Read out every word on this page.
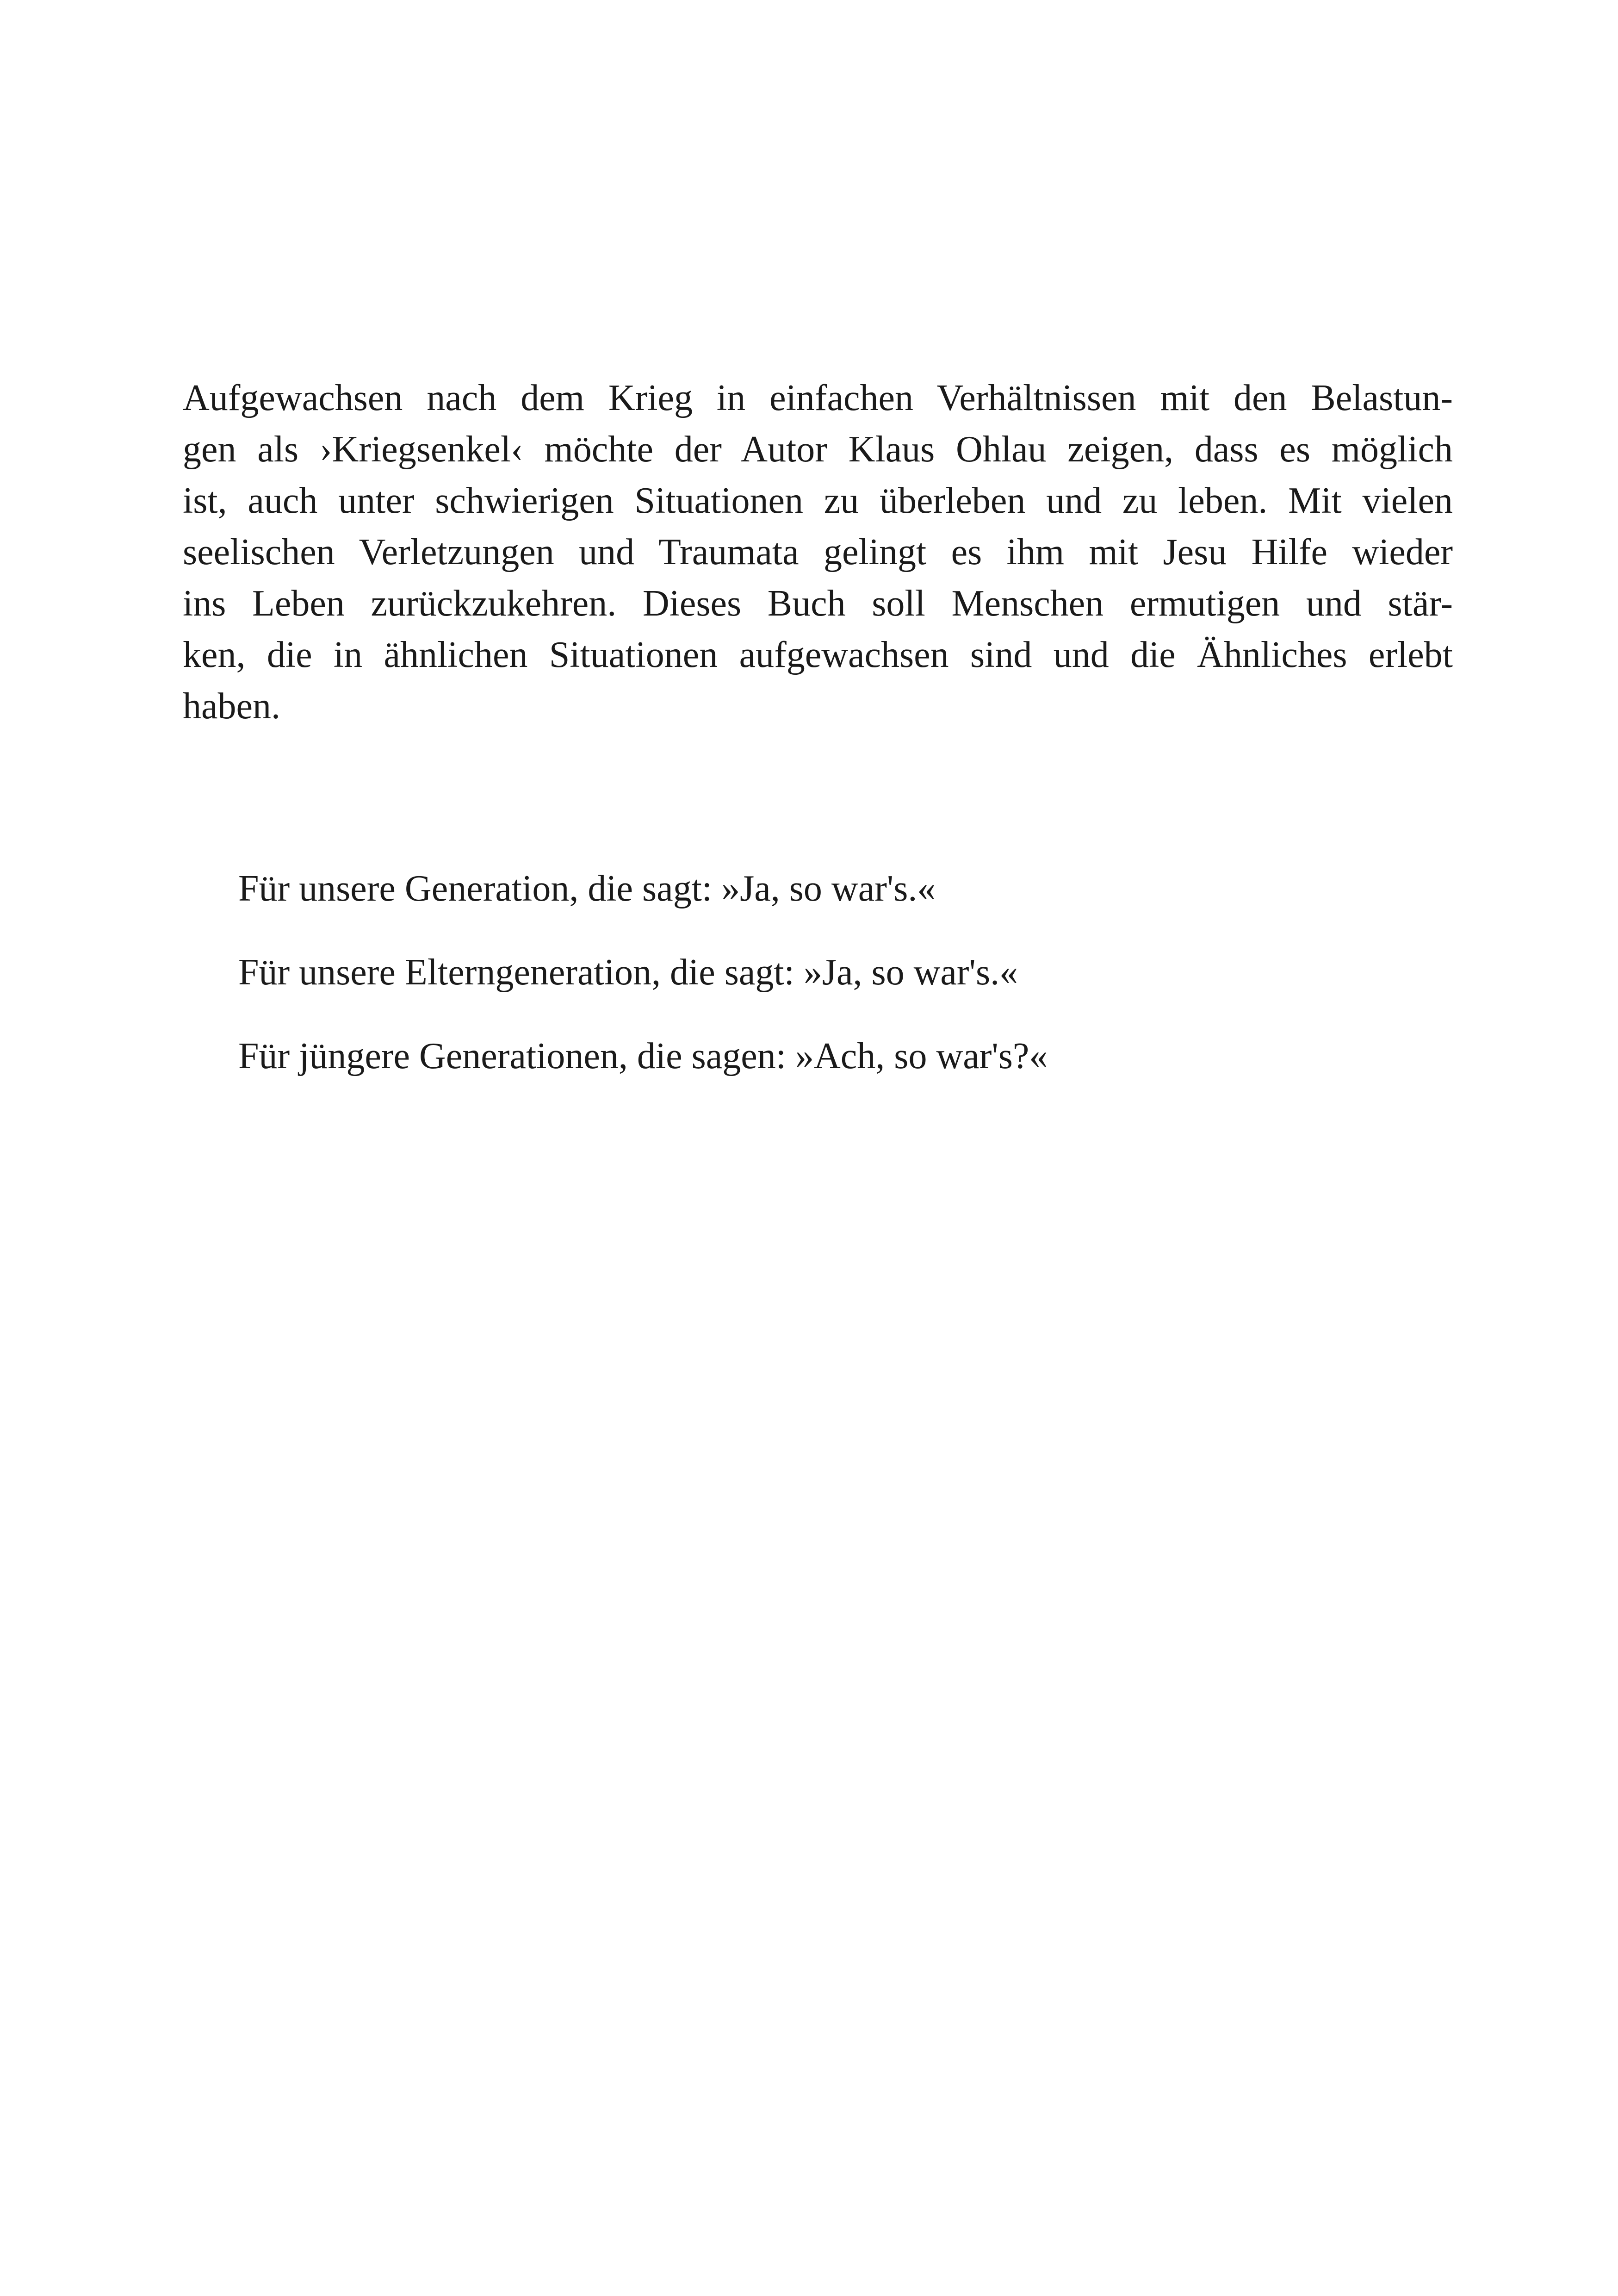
Aufgewachsen nach dem Krieg in einfachen Verhältnissen mit den Belastun-
gen als ›Kriegsenkel‹ möchte der Autor Klaus Ohlau zeigen, dass es möglich
ist, auch unter schwierigen Situationen zu überleben und zu leben. Mit vielen
seelischen Verletzungen und Traumata gelingt es ihm mit Jesu Hilfe wieder
ins Leben zurückzukehren. Dieses Buch soll Menschen ermutigen und stär-
ken, die in ähnlichen Situationen aufgewachsen sind und die Ähnliches erlebt
haben.

Für unsere Generation, die sagt: »Ja, so war's.«
Für unsere Elterngeneration, die sagt: »Ja, so war's.«
Für jüngere Generationen, die sagen: »Ach, so war's?«
